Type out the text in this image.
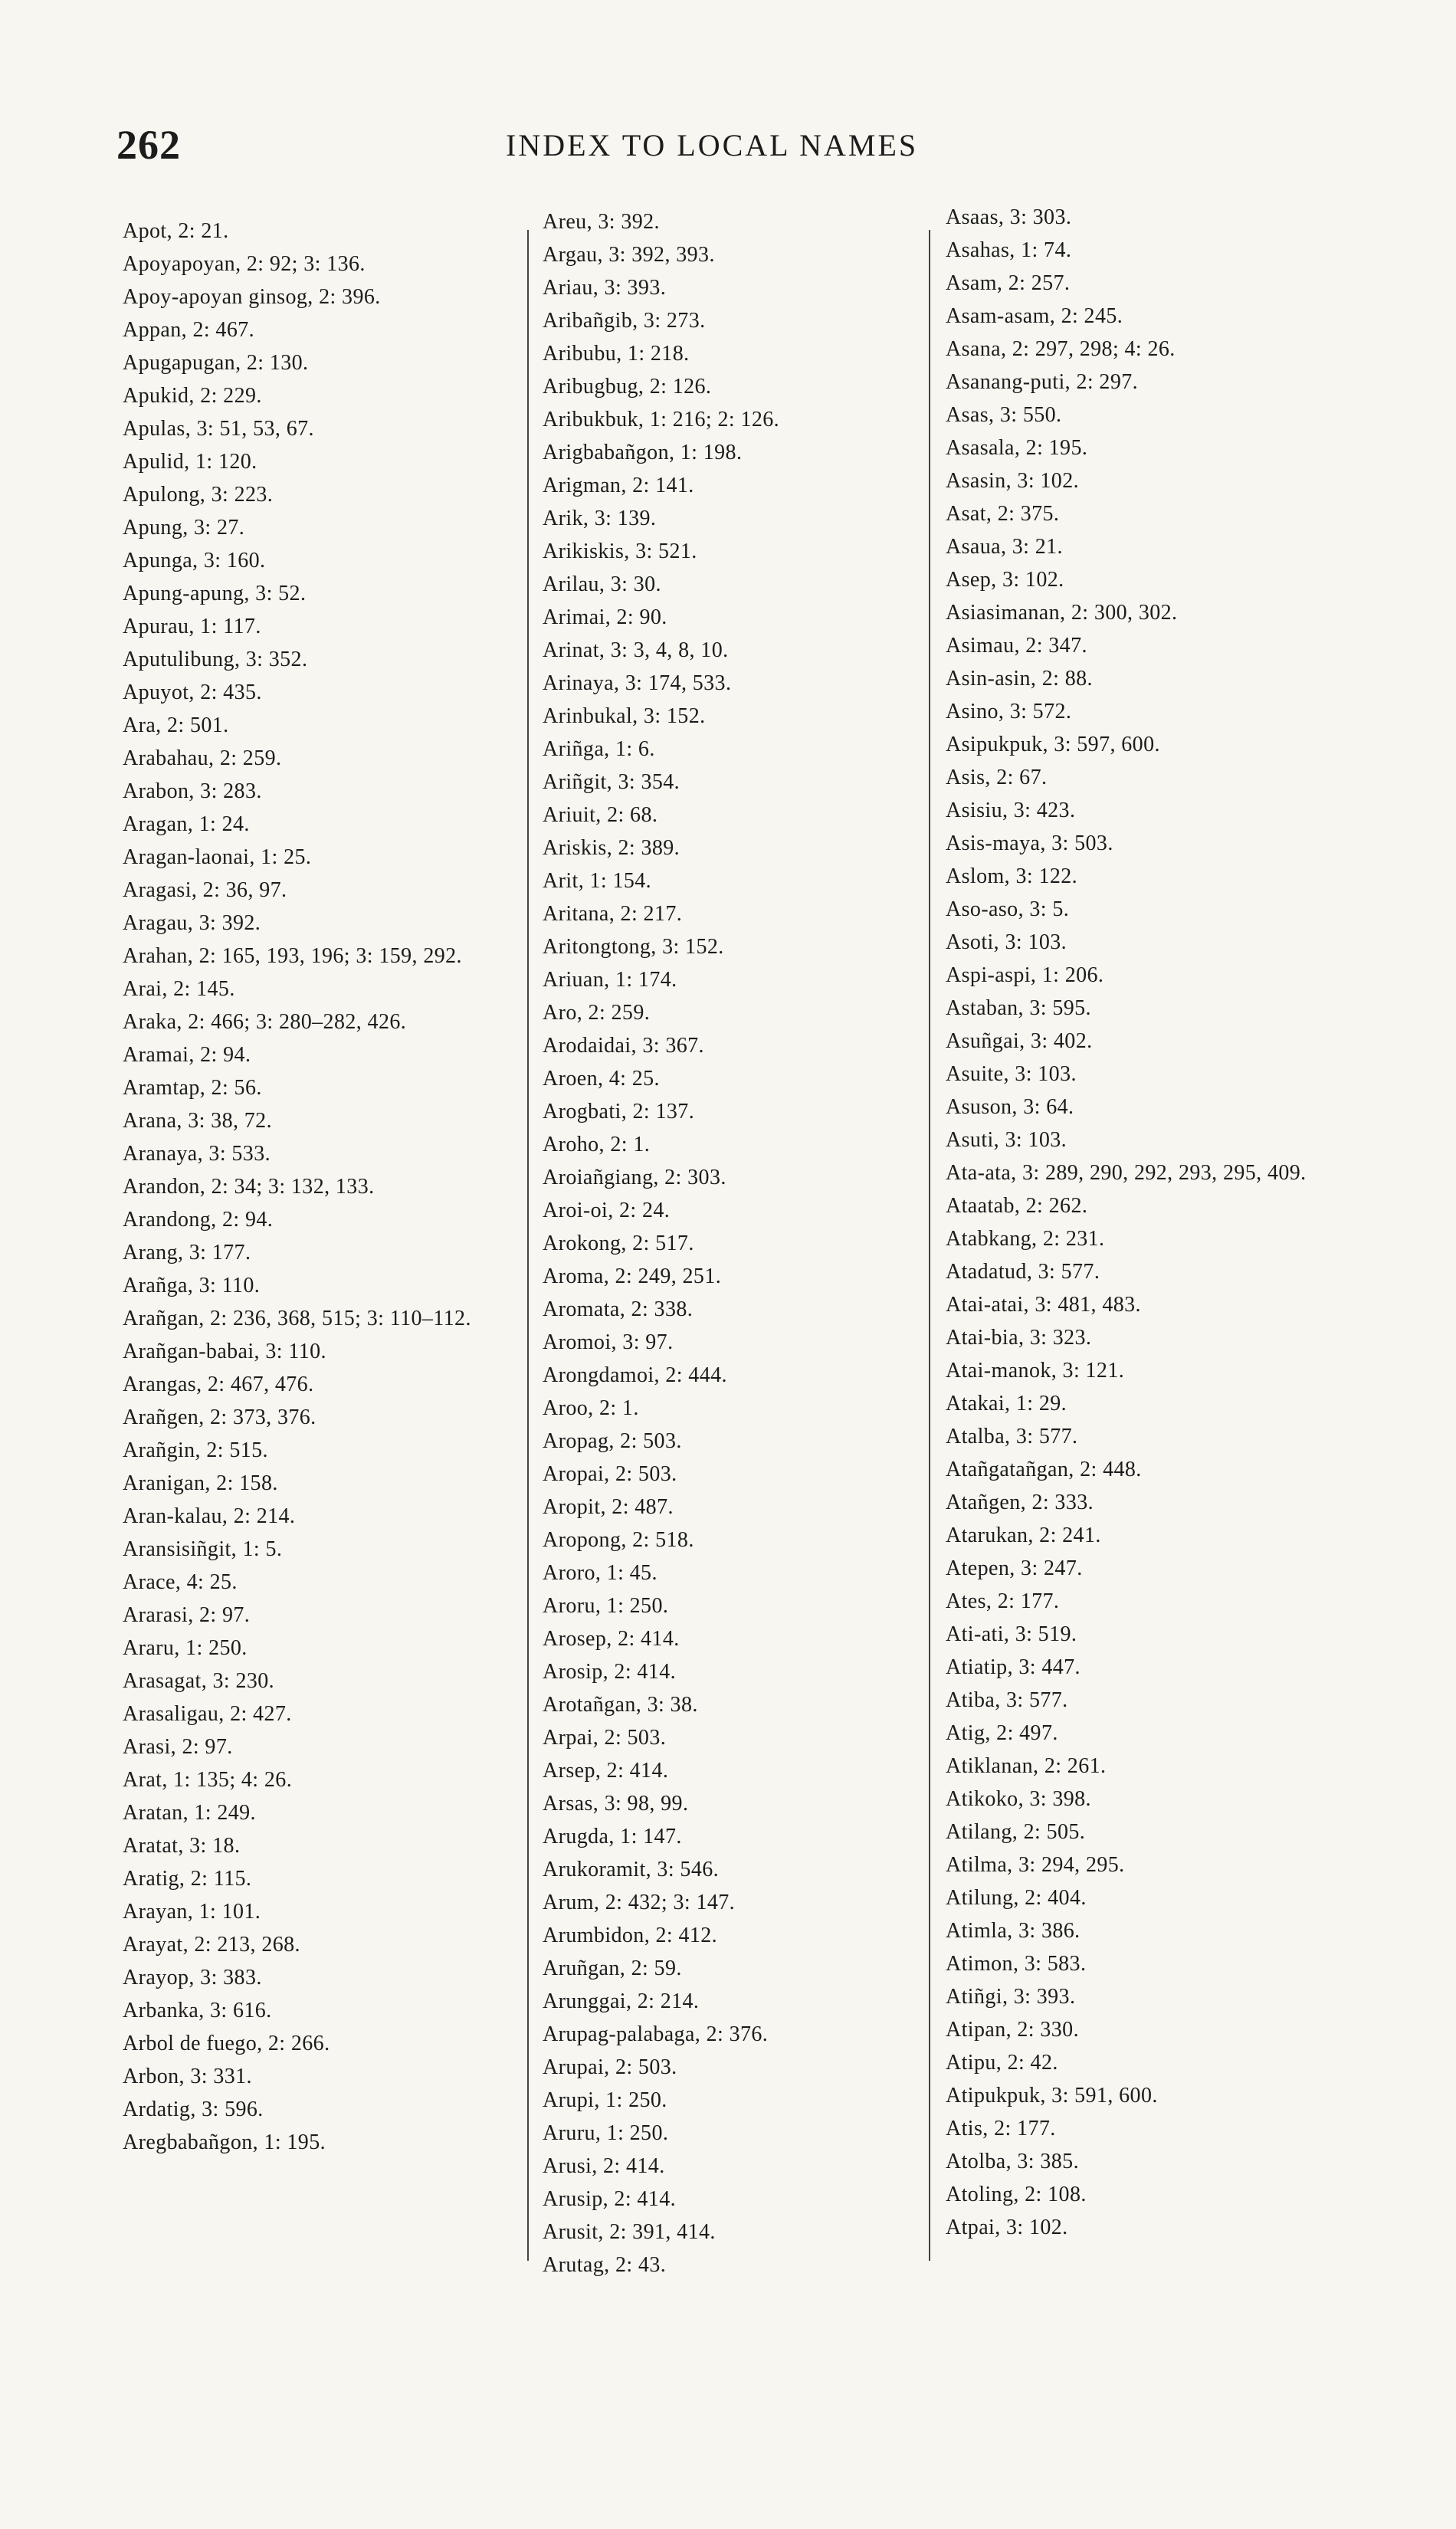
262	INDEX TO LOCAL NAMES
Apot, 2: 21.
Apoyapoyan, 2: 92; 3: 136.
Apoy-apoyan ginsog, 2: 396.
Appan, 2: 467.
Apugapugan, 2: 130.
Apukid, 2: 229.
Apulas, 3: 51, 53, 67.
Apulid, 1: 120.
Apulong, 3: 223.
Apung, 3: 27.
Apunga, 3: 160.
Apung-apung, 3: 52.
Apurau, 1: 117.
Aputulibung, 3: 352.
Apuyot, 2: 435.
Ara, 2: 501.
Arabahau, 2: 259.
Arabon, 3: 283.
Aragan, 1: 24.
Aragan-laonai, 1: 25.
Aragasi, 2: 36, 97.
Aragau, 3: 392.
Arahan, 2: 165, 193, 196; 3: 159, 292.
Arai, 2: 145.
Araka, 2: 466; 3: 280–282, 426.
Aramai, 2: 94.
Aramtap, 2: 56.
Arana, 3: 38, 72.
Aranaya, 3: 533.
Arandon, 2: 34; 3: 132, 133.
Arandong, 2: 94.
Arang, 3: 177.
Arañga, 3: 110.
Arañgan, 2: 236, 368, 515; 3: 110–112.
Arañgan-babai, 3: 110.
Arangas, 2: 467, 476.
Arañgen, 2: 373, 376.
Arañgin, 2: 515.
Aranigan, 2: 158.
Aran-kalau, 2: 214.
Aransisiñgit, 1: 5.
Arace, 4: 25.
Ararasi, 2: 97.
Araru, 1: 250.
Arasagat, 3: 230.
Arasaligau, 2: 427.
Arasi, 2: 97.
Arat, 1: 135; 4: 26.
Aratan, 1: 249.
Aratat, 3: 18.
Aratig, 2: 115.
Arayan, 1: 101.
Arayat, 2: 213, 268.
Arayop, 3: 383.
Arbanka, 3: 616.
Arbol de fuego, 2: 266.
Arbon, 3: 331.
Ardatig, 3: 596.
Aregbabañgon, 1: 195.
Areu, 3: 392.
Argau, 3: 392, 393.
Ariau, 3: 393.
Aribañgib, 3: 273.
Aribubu, 1: 218.
Aribugbug, 2: 126.
Aribukbuk, 1: 216; 2: 126.
Arigbabañgon, 1: 198.
Arigman, 2: 141.
Arik, 3: 139.
Arikiskis, 3: 521.
Arilau, 3: 30.
Arimai, 2: 90.
Arinat, 3: 3, 4, 8, 10.
Arinaya, 3: 174, 533.
Arinbukal, 3: 152.
Ariñga, 1: 6.
Ariñgit, 3: 354.
Ariuit, 2: 68.
Ariskis, 2: 389.
Arit, 1: 154.
Aritana, 2: 217.
Aritongtong, 3: 152.
Ariuan, 1: 174.
Aro, 2: 259.
Arodaidai, 3: 367.
Aroen, 4: 25.
Arogbati, 2: 137.
Aroho, 2: 1.
Aroiañgiang, 2: 303.
Aroi-oi, 2: 24.
Arokong, 2: 517.
Aroma, 2: 249, 251.
Aromata, 2: 338.
Aromoi, 3: 97.
Arongdamoi, 2: 444.
Aroo, 2: 1.
Aropag, 2: 503.
Aropai, 2: 503.
Aropit, 2: 487.
Aropong, 2: 518.
Aroro, 1: 45.
Aroru, 1: 250.
Arosep, 2: 414.
Arosip, 2: 414.
Arotañgan, 3: 38.
Arpai, 2: 503.
Arsep, 2: 414.
Arsas, 3: 98, 99.
Arugda, 1: 147.
Arukoramit, 3: 546.
Arum, 2: 432; 3: 147.
Arumbidon, 2: 412.
Aruñgan, 2: 59.
Arunggai, 2: 214.
Arupag-palabaga, 2: 376.
Arupai, 2: 503.
Arupi, 1: 250.
Aruru, 1: 250.
Arusi, 2: 414.
Arusip, 2: 414.
Arusit, 2: 391, 414.
Arutag, 2: 43.
Asaas, 3: 303.
Asahas, 1: 74.
Asam, 2: 257.
Asam-asam, 2: 245.
Asana, 2: 297, 298; 4: 26.
Asanang-puti, 2: 297.
Asas, 3: 550.
Asasala, 2: 195.
Asasin, 3: 102.
Asat, 2: 375.
Asaua, 3: 21.
Asep, 3: 102.
Asiasimanan, 2: 300, 302.
Asimau, 2: 347.
Asin-asin, 2: 88.
Asino, 3: 572.
Asipukpuk, 3: 597, 600.
Asis, 2: 67.
Asisiu, 3: 423.
Asis-maya, 3: 503.
Aslom, 3: 122.
Aso-aso, 3: 5.
Asoti, 3: 103.
Aspi-aspi, 1: 206.
Astaban, 3: 595.
Asuñgai, 3: 402.
Asuite, 3: 103.
Asuson, 3: 64.
Asuti, 3: 103.
Ata-ata, 3: 289, 290, 292, 293, 295, 409.
Ataatab, 2: 262.
Atabkang, 2: 231.
Atadatud, 3: 577.
Atai-atai, 3: 481, 483.
Atai-bia, 3: 323.
Atai-manok, 3: 121.
Atakai, 1: 29.
Atalba, 3: 577.
Atañgatañgan, 2: 448.
Atañgen, 2: 333.
Atarukan, 2: 241.
Atepen, 3: 247.
Ates, 2: 177.
Ati-ati, 3: 519.
Atiatip, 3: 447.
Atiba, 3: 577.
Atig, 2: 497.
Atiklanan, 2: 261.
Atikoko, 3: 398.
Atilang, 2: 505.
Atilma, 3: 294, 295.
Atilung, 2: 404.
Atimla, 3: 386.
Atimon, 3: 583.
Atiñgi, 3: 393.
Atipan, 2: 330.
Atipu, 2: 42.
Atipukpuk, 3: 591, 600.
Atis, 2: 177.
Atolba, 3: 385.
Atoling, 2: 108.
Atpai, 3: 102.
